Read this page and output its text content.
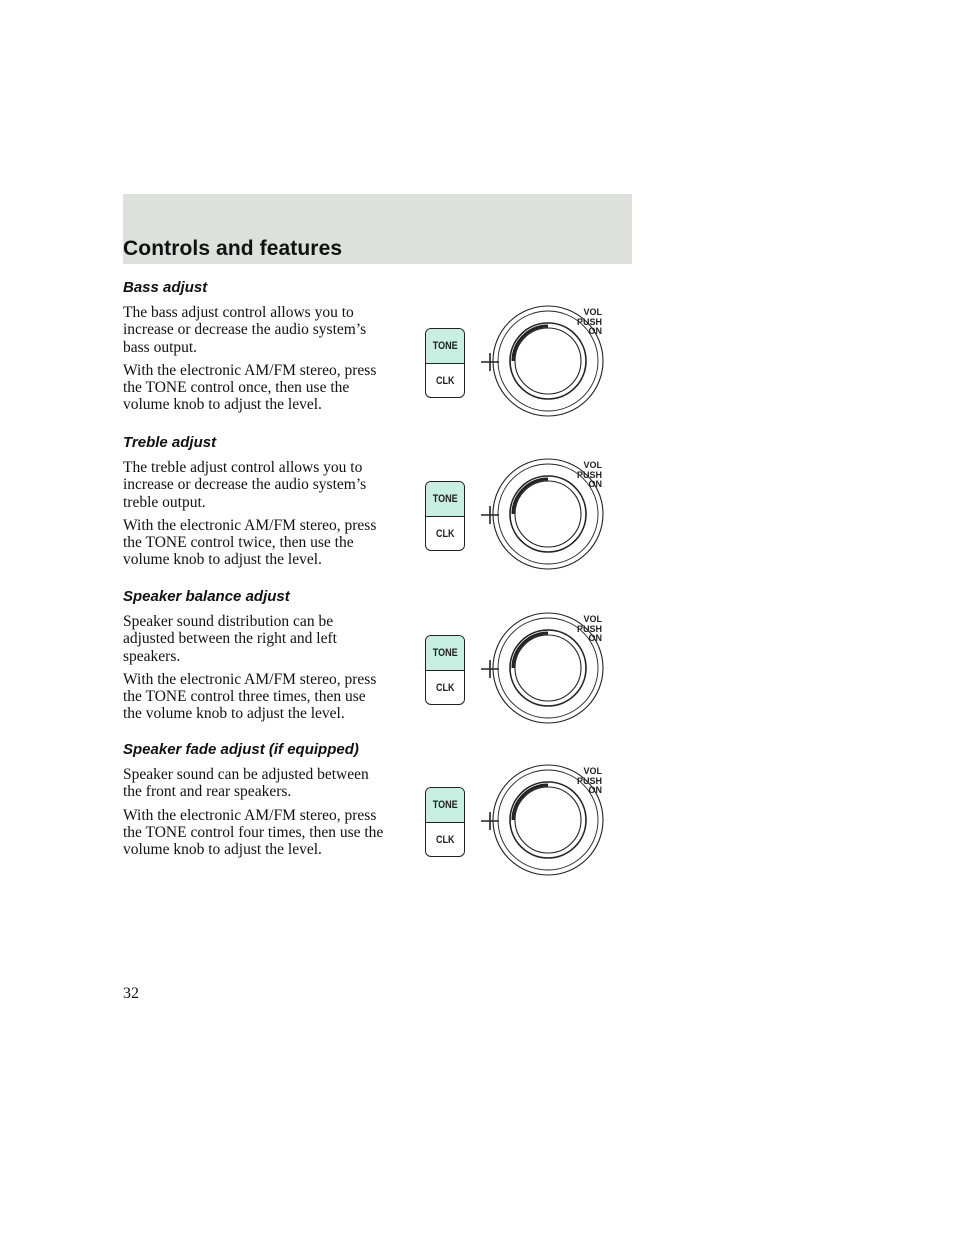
Controls and features
Bass adjust

The bass adjust control allows you to increase or decrease the audio system’s bass output.

With the electronic AM/FM stereo, press the TONE control once, then use the volume knob to adjust the level.

Treble adjust

The treble adjust control allows you to increase or decrease the audio system’s treble output.

With the electronic AM/FM stereo, press the TONE control twice, then use the volume knob to adjust the level.

Speaker balance adjust

Speaker sound distribution can be adjusted between the right and left speakers.

With the electronic AM/FM stereo, press the TONE control three times, then use the volume knob to adjust the level.

Speaker fade adjust (if equipped)

Speaker sound can be adjusted between the front and rear speakers.

With the electronic AM/FM stereo, press the TONE control four times, then use the volume knob to adjust the level.

TONE
CLK
VOL
PUSH
ON
TONE
CLK
VOL
PUSH
ON
TONE
CLK
VOL
PUSH
ON
TONE
CLK
VOL
PUSH
ON
32
